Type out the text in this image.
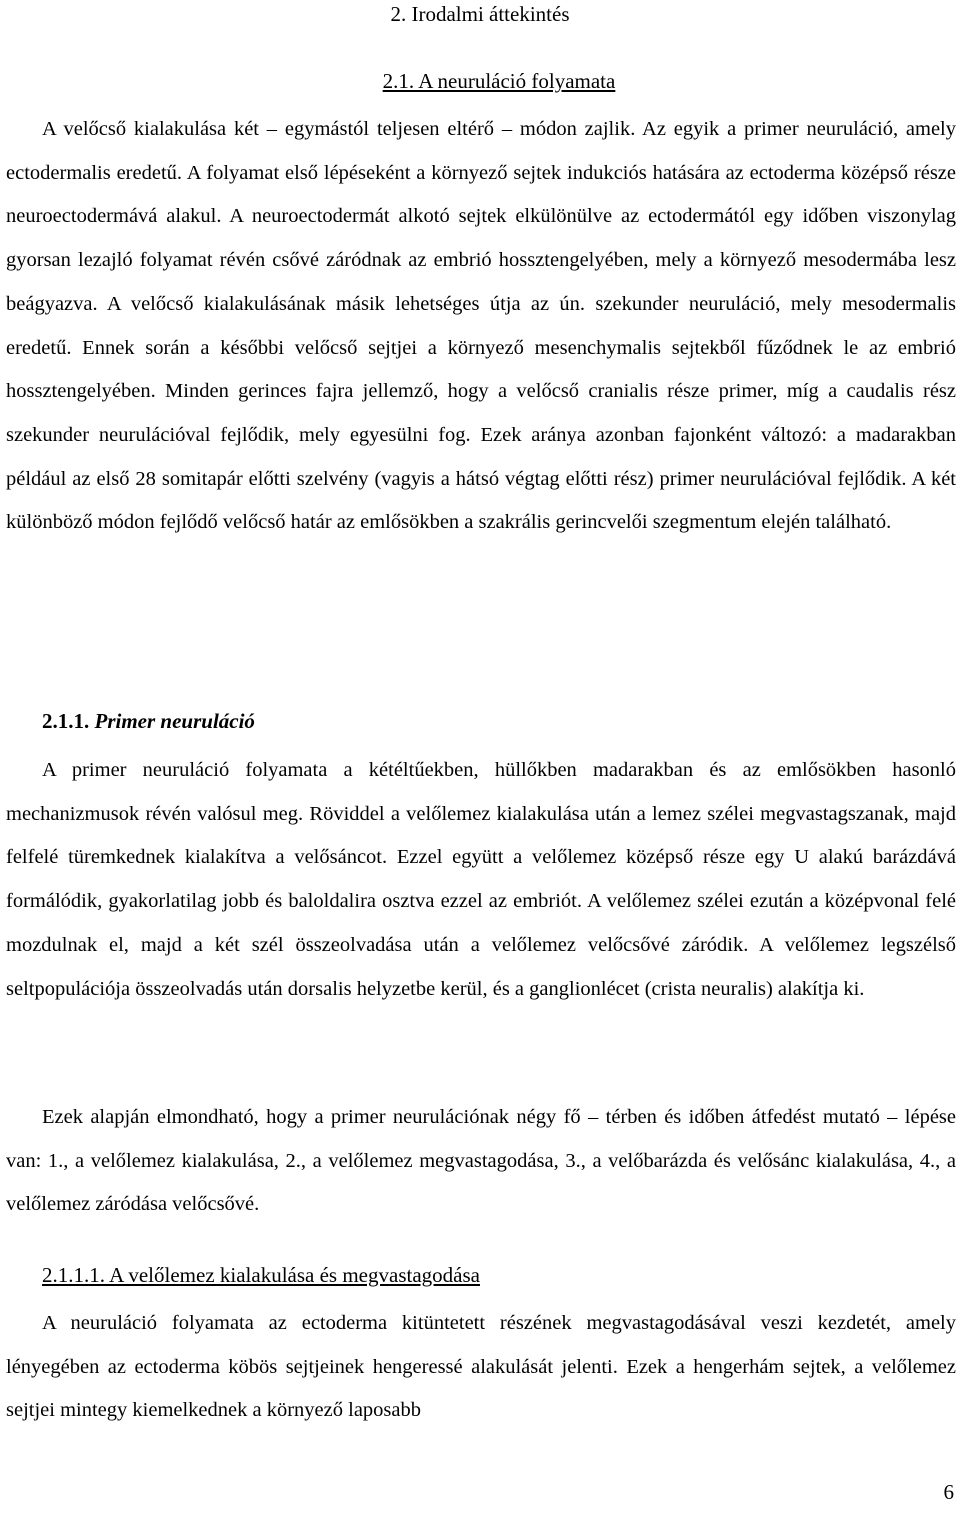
2. Irodalmi áttekintés
2.1. A neuruláció folyamata
A velőcső kialakulása két – egymástól teljesen eltérő – módon zajlik. Az egyik a primer neuruláció, amely ectodermalis eredetű. A folyamat első lépéseként a környező sejtek indukciós hatására az ectoderma középső része neuroectodermává alakul. A neuroectodermát alkotó sejtek elkülönülve az ectodermától egy időben viszonylag gyorsan lezajló folyamat révén csővé záródnak az embrió hossztengelyében, mely a környező mesodermába lesz beágyazva. A velőcső kialakulásának másik lehetséges útja az ún. szekunder neuruláció, mely mesodermalis eredetű. Ennek során a későbbi velőcső sejtjei a környező mesenchymalis sejtekből fűződnek le az embrió hossztengelyében. Minden gerinces fajra jellemző, hogy a velőcső cranialis része primer, míg a caudalis rész szekunder neurulációval fejlődik, mely egyesülni fog. Ezek aránya azonban fajonként változó: a madarakban például az első 28 somitapár előtti szelvény (vagyis a hátsó végtag előtti rész) primer neurulációval fejlődik. A két különböző módon fejlődő velőcső határ az emlősökben a szakrális gerincvelői szegmentum elején található.
2.1.1. Primer neuruláció
A primer neuruláció folyamata a kétéltűekben, hüllőkben madarakban és az emlősökben hasonló mechanizmusok révén valósul meg. Röviddel a velőlemez kialakulása után a lemez szélei megvastagszanak, majd felfelé türemkednek kialakítva a velősáncot. Ezzel együtt a velőlemez középső része egy U alakú barázdává formálódik, gyakorlatilag jobb és baloldalira osztva ezzel az embriót. A velőlemez szélei ezután a középvonal felé mozdulnak el, majd a két szél összeolvadása után a velőlemez velőcsővé záródik. A velőlemez legszélső seltpopulációja összeolvadás után dorsalis helyzetbe kerül, és a ganglionlécet (crista neuralis) alakítja ki.
Ezek alapján elmondható, hogy a primer neurulációnak négy fő – térben és időben átfedést mutató – lépése van: 1., a velőlemez kialakulása, 2., a velőlemez megvastagodása, 3., a velőbarázda és velősánc kialakulása, 4., a velőlemez záródása velőcsővé.
2.1.1.1. A velőlemez kialakulása és megvastagodása
A neuruláció folyamata az ectoderma kitüntetett részének megvastagodásával veszi kezdetét, amely lényegében az ectoderma köbös sejtjeinek hengeressé alakulását jelenti. Ezek a hengerhám sejtek, a velőlemez sejtjei mintegy kiemelkednek a környező laposabb
6
